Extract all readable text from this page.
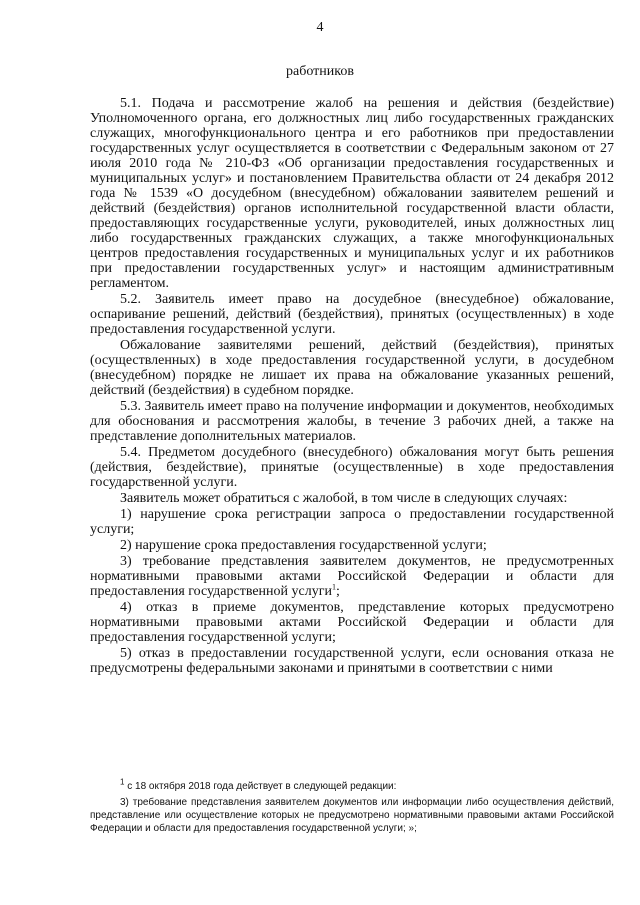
4
работников

5.1. Подача и рассмотрение жалоб на решения и действия (бездействие) Уполномоченного органа, его должностных лиц либо государственных гражданских служащих, многофункционального центра и его работников при предоставлении государственных услуг осуществляется в соответствии с Федеральным законом от 27 июля 2010 года № 210-ФЗ «Об организации предоставления государственных и муниципальных услуг» и постановлением Правительства области от 24 декабря 2012 года № 1539 «О досудебном (внесудебном) обжаловании заявителем решений и действий (бездействия) органов исполнительной государственной власти области, предоставляющих государственные услуги, руководителей, иных должностных лиц либо государственных гражданских служащих, а также многофункциональных центров предоставления государственных и муниципальных услуг и их работников при предоставлении государственных услуг» и настоящим административным регламентом.

5.2. Заявитель имеет право на досудебное (внесудебное) обжалование, оспаривание решений, действий (бездействия), принятых (осуществленных) в ходе предоставления государственной услуги.

Обжалование заявителями решений, действий (бездействия), принятых (осуществленных) в ходе предоставления государственной услуги, в досудебном (внесудебном) порядке не лишает их права на обжалование указанных решений, действий (бездействия) в судебном порядке.

5.3. Заявитель имеет право на получение информации и документов, необходимых для обоснования и рассмотрения жалобы, в течение 3 рабочих дней, а также на представление дополнительных материалов.

5.4. Предметом досудебного (внесудебного) обжалования могут быть решения (действия, бездействие), принятые (осуществленные) в ходе предоставления государственной услуги.

Заявитель может обратиться с жалобой, в том числе в следующих случаях:

1) нарушение срока регистрации запроса о предоставлении государственной услуги;

2) нарушение срока предоставления государственной услуги;

3) требование представления заявителем документов, не предусмотренных нормативными правовыми актами Российской Федерации и области для предоставления государственной услуги$^1$;

4) отказ в приеме документов, представление которых предусмотрено нормативными правовыми актами Российской Федерации и области для предоставления государственной услуги;

5) отказ в предоставлении государственной услуги, если основания отказа не предусмотрены федеральными законами и принятыми в соответствии с ними

$^1$ с 18 октября 2018 года действует в следующей редакции:

3) требование представления заявителем документов или информации либо осуществления действий, представление или осуществление которых не предусмотрено нормативными правовыми актами Российской Федерации и области для предоставления государственной услуги; »;
